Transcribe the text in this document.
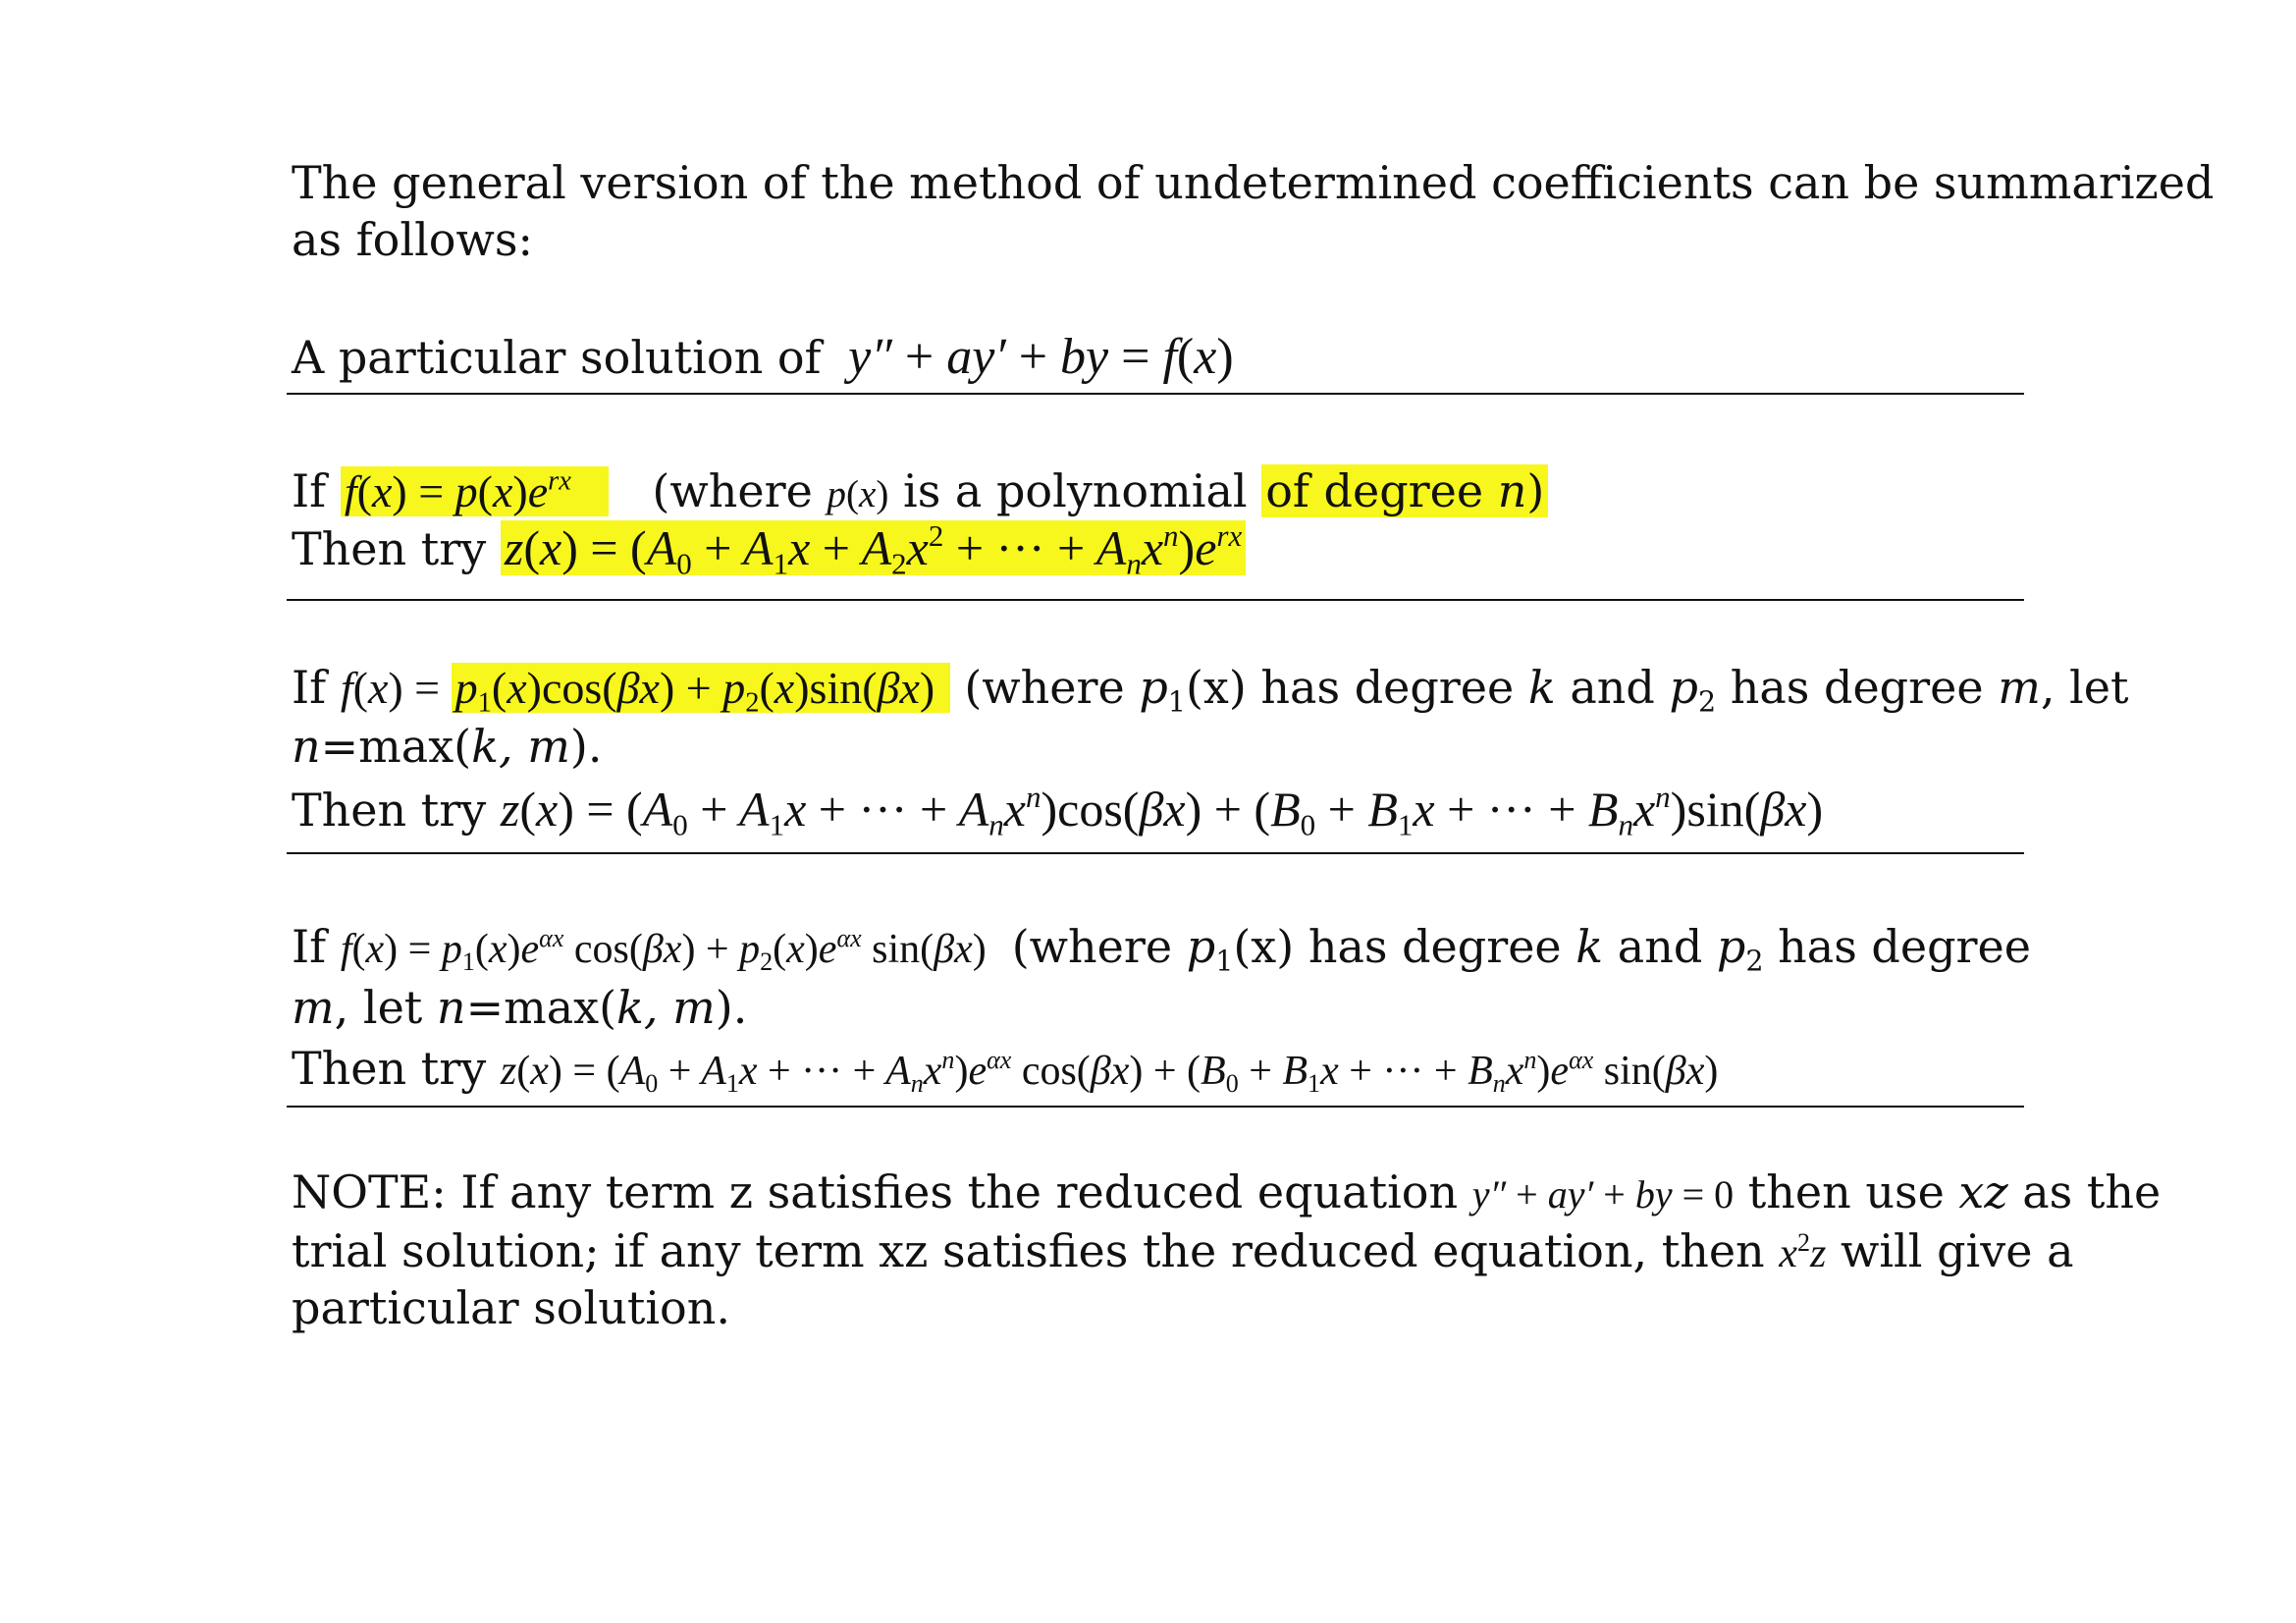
The general version of the method of undetermined coefficients can be summarized
as follows:
A particular solution of  y″ + ay′ + by = f(x)
If $f(x) = p(x)e^{rx}$ (where p(x) is a polynomial of degree n)
Then try $z(x) = (A_0 + A_1x + A_2x^2$ + ··· + $A_nx^n)e^{rx}$
If $f(x) = p_1(x)\cos(\beta x) + p_2(x)\sin(\beta x)$ (where $p_1(x)$ has degree k and $p_2$ has degree m, let
n=max(k, m).
Then try $z(x) = (A_0 + A_1x$ + ··· + $A_nx^n)\cos(\beta x) + (B_0 + B_1x$ + ··· + $B_nx^n)\sin(\beta x)$
If $f(x) = p_1(x)e^{\alpha x}$ $\cos(\beta x) + p_2(x)e^{\alpha x}$ sin(βx) (where $p_1(x)$ has degree k and $p_2$ has degree
m, let n=max(k, m).
Then try $z(x) = (A_0 + A_1x$ + ··· + $A_nx^n)e^{\alpha x}$ $\cos(\beta x) + (B_0 + B_1x$ + ··· + $B_nx^n)e^{\alpha x}$ sin(βx)
NOTE: If any term z satisfies the reduced equation y″ + ay′ + by = 0 then use xz as the
trial solution; if any term xz satisfies the reduced equation, then $x^2z$ will give a
particular solution.
